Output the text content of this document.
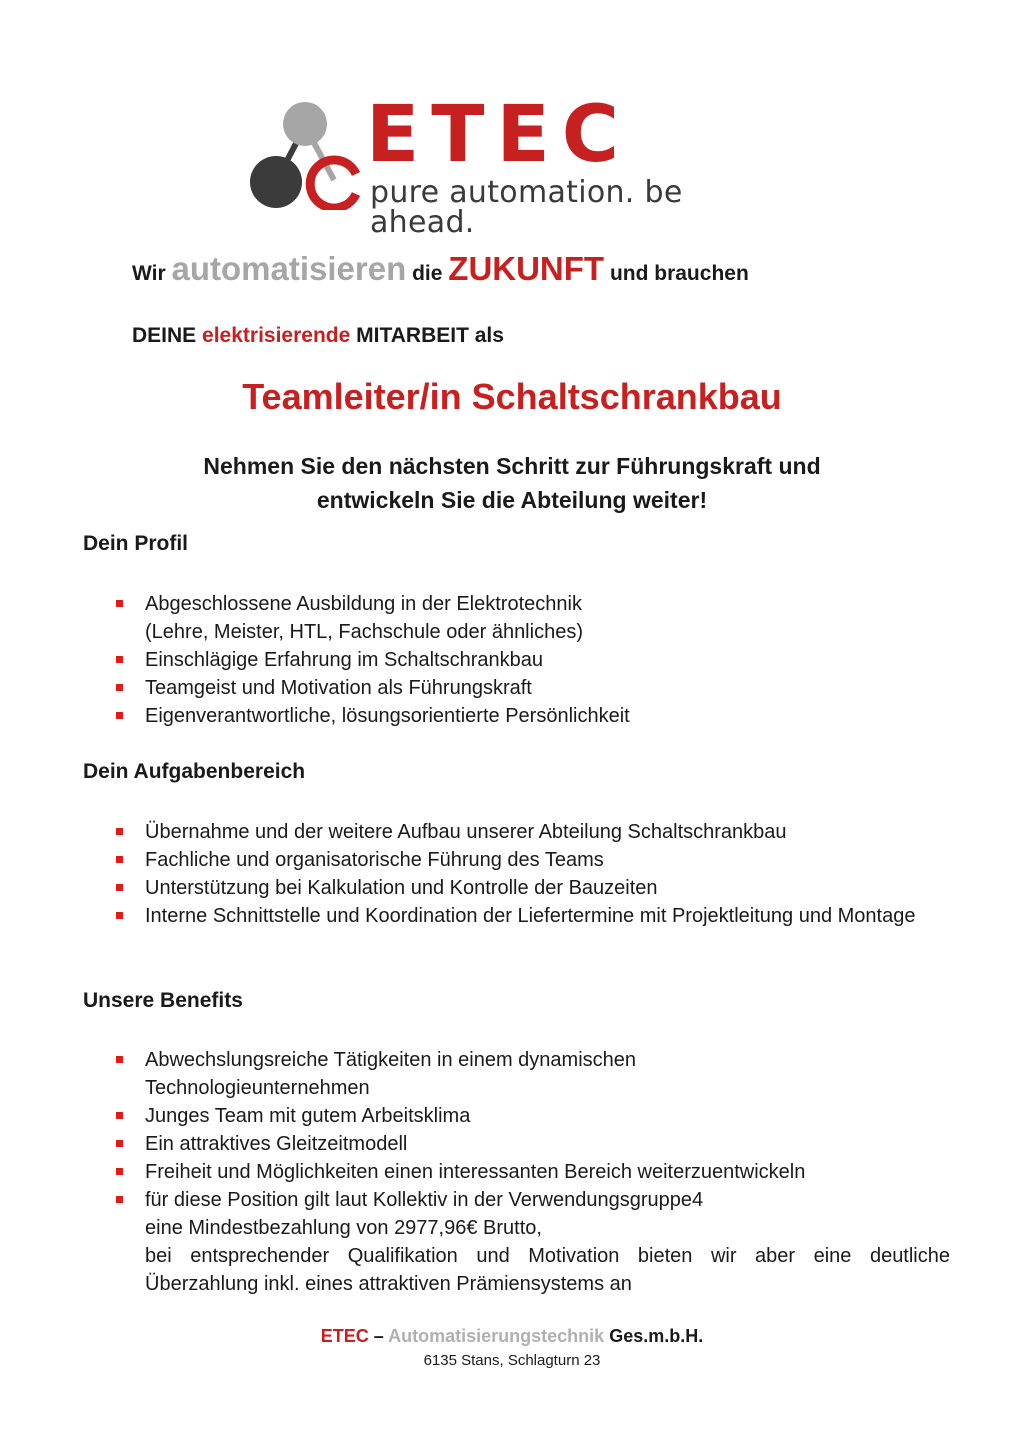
ETEC
pure automation. be ahead.
Wir automatisieren die ZUKUNFT und brauchen
DEINE elektrisierende MITARBEIT als
Teamleiter/in Schaltschrankbau
Nehmen Sie den nächsten Schritt zur Führungskraft und
entwickeln Sie die Abteilung weiter!
Dein Profil
Abgeschlossene Ausbildung in der Elektrotechnik
(Lehre, Meister, HTL, Fachschule oder ähnliches)
Einschlägige Erfahrung im Schaltschrankbau
Teamgeist und Motivation als Führungskraft
Eigenverantwortliche, lösungsorientierte Persönlichkeit
Dein Aufgabenbereich
Übernahme und der weitere Aufbau unserer Abteilung Schaltschrankbau
Fachliche und organisatorische Führung des Teams
Unterstützung bei Kalkulation und Kontrolle der Bauzeiten
Interne Schnittstelle und Koordination der Liefertermine mit Projektleitung und Montage
Unsere Benefits
Abwechslungsreiche Tätigkeiten in einem dynamischen
Technologieunternehmen
Junges Team mit gutem Arbeitsklima
Ein attraktives Gleitzeitmodell
Freiheit und Möglichkeiten einen interessanten Bereich weiterzuentwickeln
für diese Position gilt laut Kollektiv in der Verwendungsgruppe4
eine Mindestbezahlung von 2977,96€ Brutto,
bei entsprechender Qualifikation und Motivation bieten wir aber eine deutliche Überzahlung inkl. eines attraktiven Prämiensystems an
ETEC – Automatisierungstechnik Ges.m.b.H.
6135 Stans, Schlagturn 23
